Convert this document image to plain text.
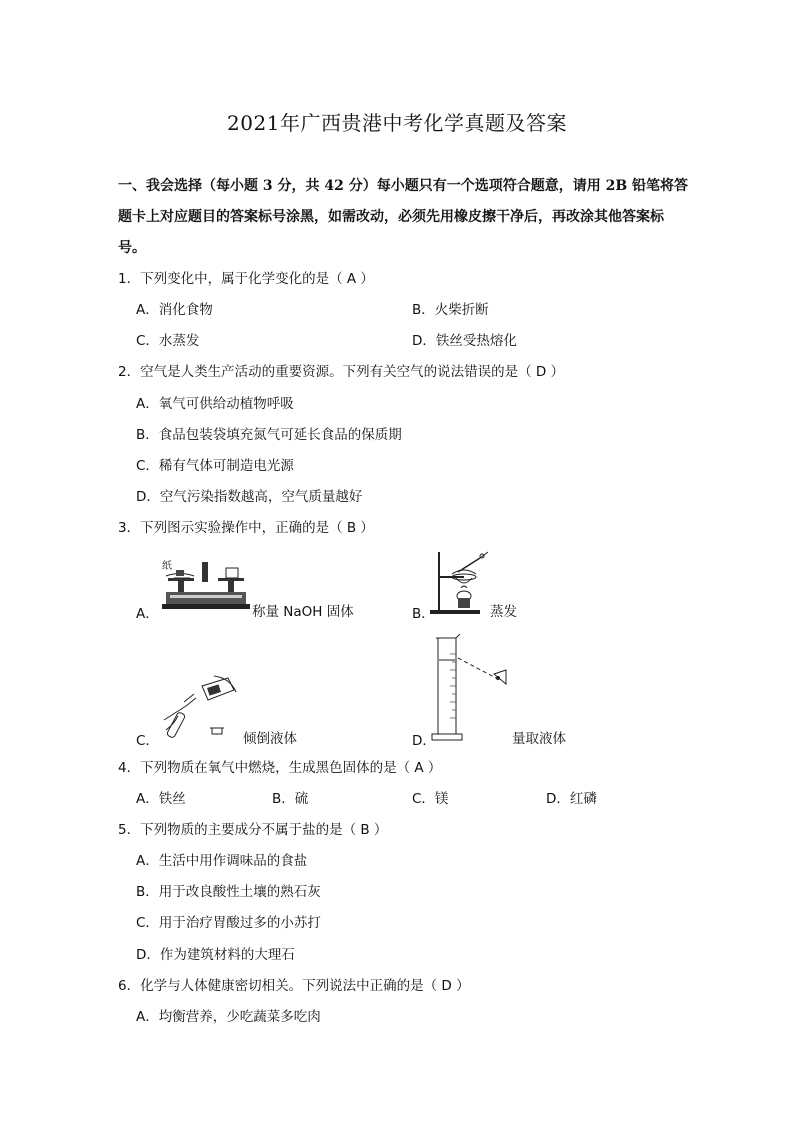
2021年广西贵港中考化学真题及答案
一、我会选择（每小题 3 分，共 42 分）每小题只有一个选项符合题意，请用 2B 铅笔将答
题卡上对应题目的答案标号涂黑，如需改动，必须先用橡皮擦干净后，再改涂其他答案标
号。
1．下列变化中，属于化学变化的是（ A ）
A．消化食物	B．火柴折断
C．水蒸发	D．铁丝受热熔化
2．空气是人类生产活动的重要资源。下列有关空气的说法错误的是（ D ）
A．氧气可供给动植物呼吸
B．食品包装袋填充氮气可延长食品的保质期
C．稀有气体可制造电光源
D．空气污染指数越高，空气质量越好
3．下列图示实验操作中，正确的是（ B ）
纸
A．	称量 NaOH 固体	B．	蒸发
C．	倾倒液体	D．	量取液体
4．下列物质在氧气中燃烧，生成黑色固体的是（ A ）
A．铁丝	B．硫	C．镁	D．红磷
5．下列物质的主要成分不属于盐的是（ B ）
A．生活中用作调味品的食盐
B．用于改良酸性土壤的熟石灰
C．用于治疗胃酸过多的小苏打
D．作为建筑材料的大理石
6．化学与人体健康密切相关。下列说法中正确的是（ D ）
A．均衡营养，少吃蔬菜多吃肉
